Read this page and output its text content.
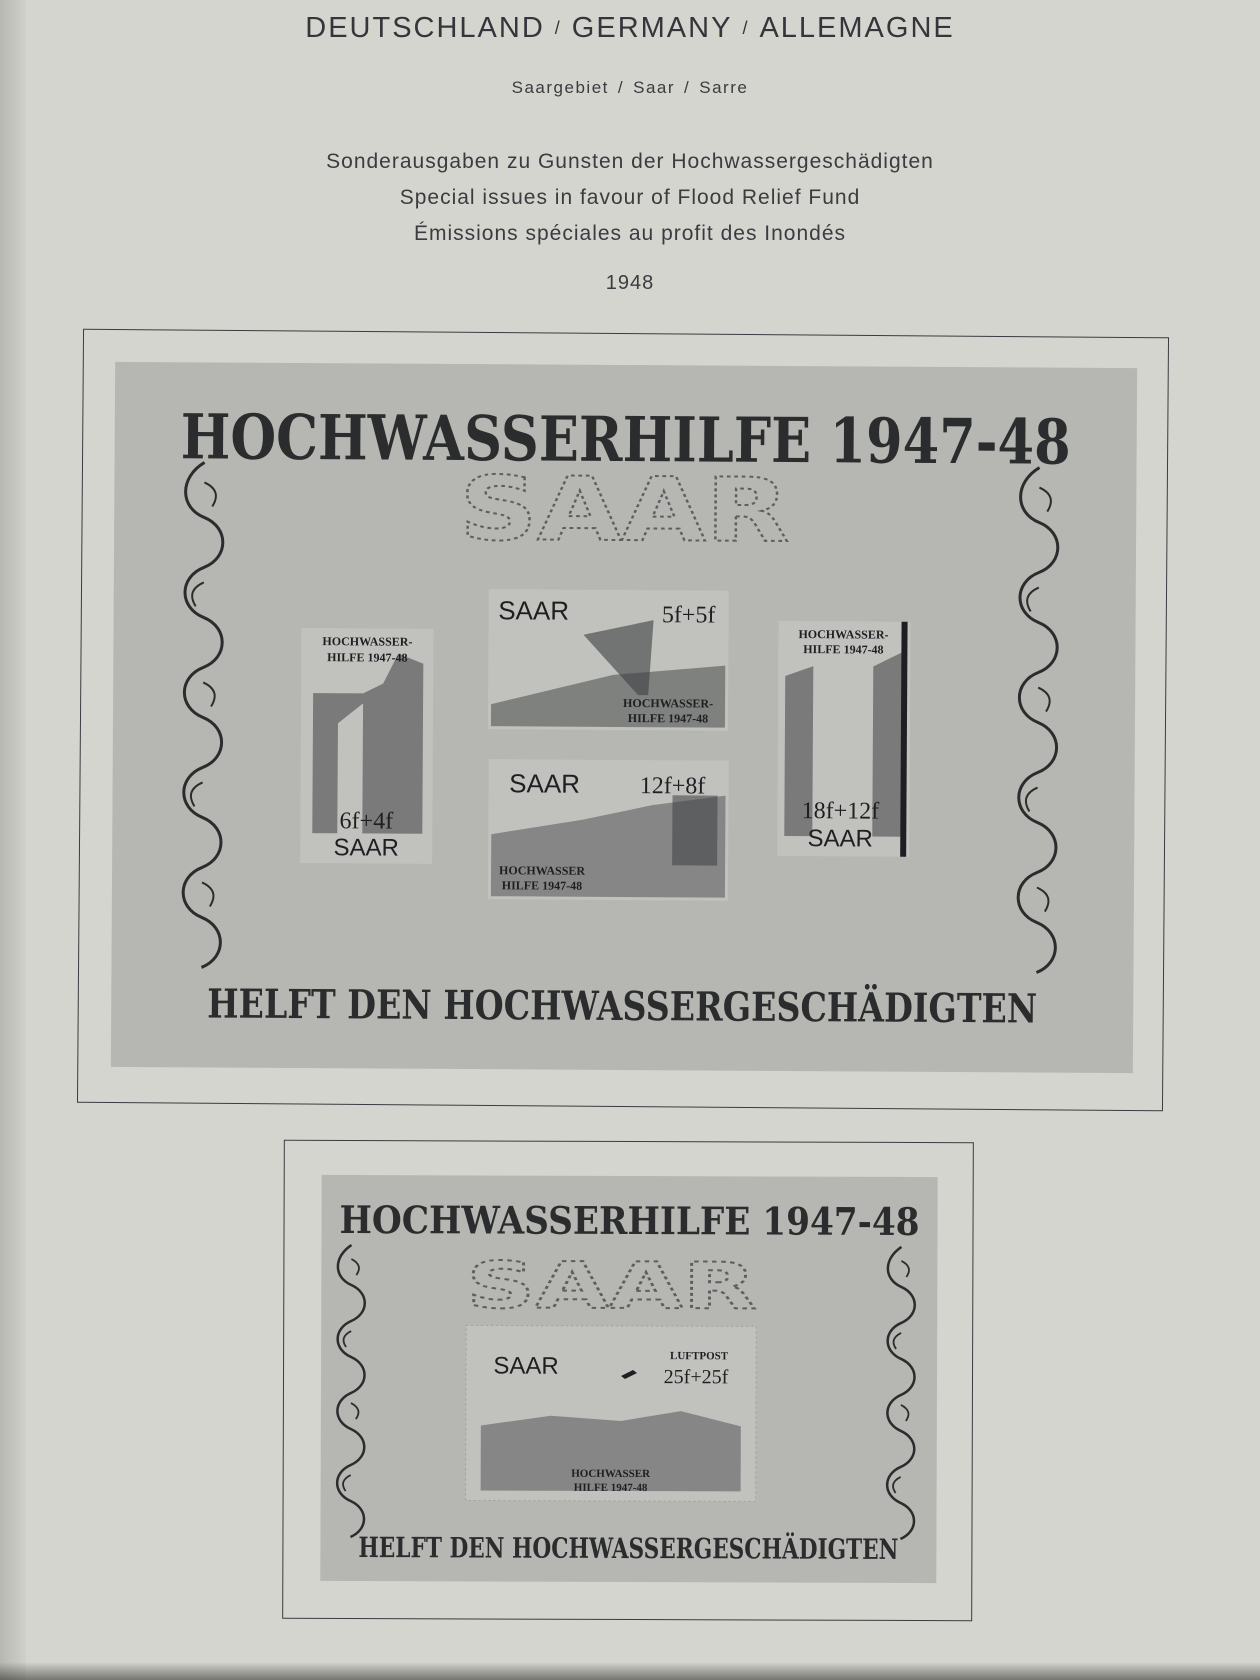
DEUTSCHLAND / GERMANY / ALLEMAGNE
Saargebiet / Saar / Sarre
Sonderausgaben zu Gunsten der Hochwassergeschädigten
Special issues in favour of Flood Relief Fund
Émissions spéciales au profit des Inondés
1948
HOCHWASSERHILFE 1947-48
SAAR
HOCHWASSER-
HILFE 1947-48
6f+4f
SAAR
SAAR	5f+5f
HOCHWASSER-
HILFE 1947-48
SAAR 12f+8f
HOCHWASSER
HILFE 1947-48
HOCHWASSER-
HILFE 1947-48
18f+12f
SAAR
HELFT DEN HOCHWASSERGESCHÄDIGTEN
HOCHWASSERHILFE 1947-48
SAAR
SAAR	LUFTPOST
25f+25f
HOCHWASSER
HILFE 1947-48
HELFT DEN HOCHWASSERGESCHÄDIGTEN
